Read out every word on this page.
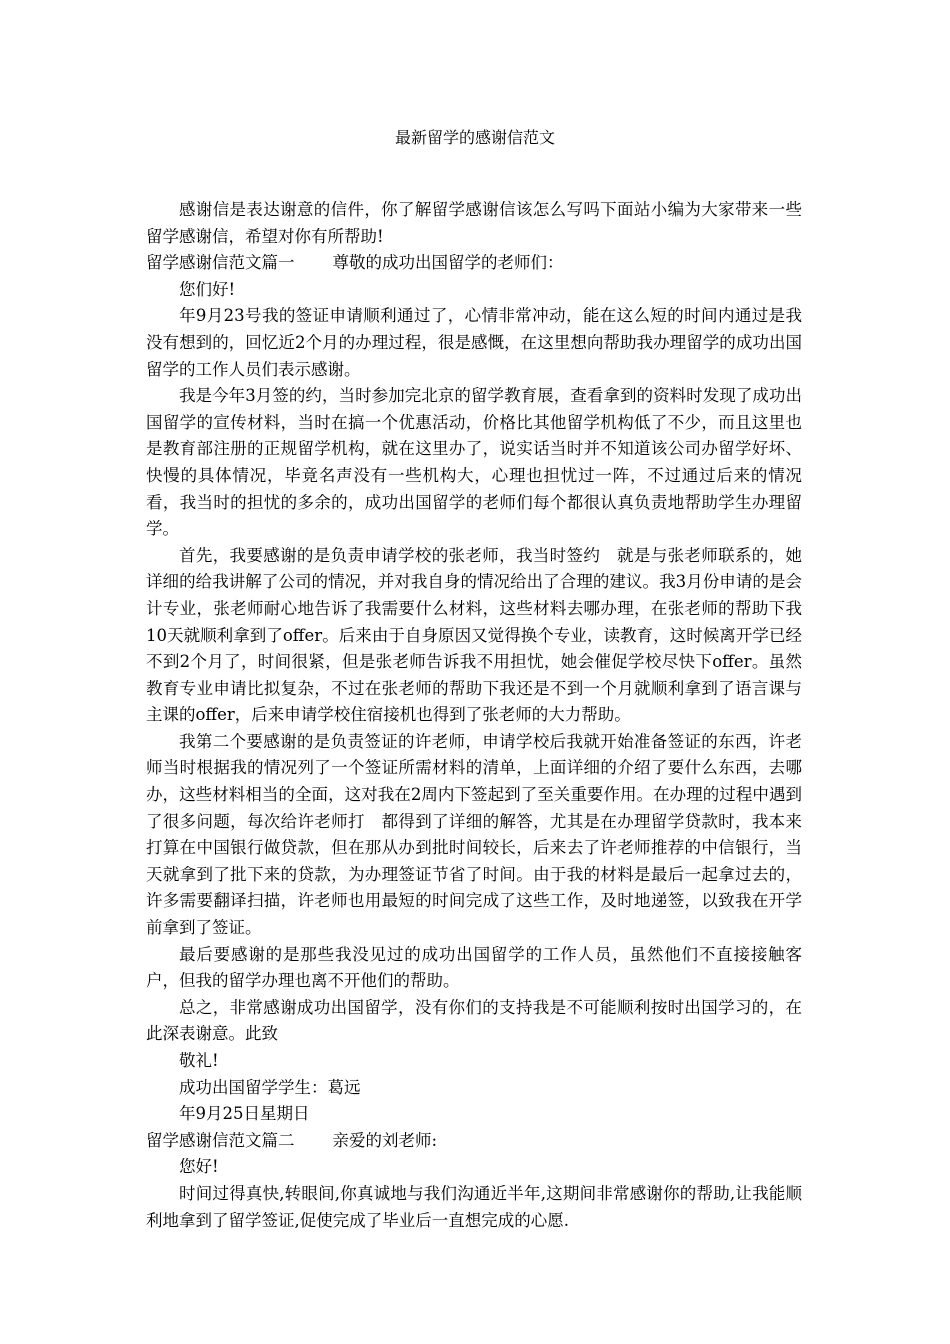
最新留学的感谢信范文

感谢信是表达谢意的信件，你了解留学感谢信该怎么写吗下面站小编为大家带来一些留学感谢信，希望对你有所帮助!

留学感谢信范文篇一 尊敬的成功出国留学的老师们：

您们好!

年9月23号我的签证申请顺利通过了，心情非常冲动，能在这么短的时间内通过是我没有想到的，回忆近2个月的办理过程，很是感慨，在这里想向帮助我办理留学的成功出国留学的工作人员们表示感谢。

我是今年3月签的约，当时参加完北京的留学教育展，查看拿到的资料时发现了成功出国留学的宣传材料，当时在搞一个优惠活动，价格比其他留学机构低了不少，而且这里也是教育部注册的正规留学机构，就在这里办了，说实话当时并不知道该公司办留学好坏、快慢的具体情况，毕竟名声没有一些机构大，心理也担忧过一阵，不过通过后来的情况看，我当时的担忧的多余的，成功出国留学的老师们每个都很认真负责地帮助学生办理留学。

首先，我要感谢的是负责申请学校的张老师，我当时签约　就是与张老师联系的，她详细的给我讲解了公司的情况，并对我自身的情况给出了合理的建议。我3月份申请的是会计专业，张老师耐心地告诉了我需要什么材料，这些材料去哪办理，在张老师的帮助下我10天就顺利拿到了offer。后来由于自身原因又觉得换个专业，读教育，这时候离开学已经不到2个月了，时间很紧，但是张老师告诉我不用担忧，她会催促学校尽快下offer。虽然教育专业申请比拟复杂，不过在张老师的帮助下我还是不到一个月就顺利拿到了语言课与主课的offer，后来申请学校住宿接机也得到了张老师的大力帮助。

我第二个要感谢的是负责签证的许老师，申请学校后我就开始准备签证的东西，许老师当时根据我的情况列了一个签证所需材料的清单，上面详细的介绍了要什么东西，去哪办，这些材料相当的全面，这对我在2周内下签起到了至关重要作用。在办理的过程中遇到了很多问题，每次给许老师打　都得到了详细的解答，尤其是在办理留学贷款时，我本来打算在中国银行做贷款，但在那从办到批时间较长，后来去了许老师推荐的中信银行，当天就拿到了批下来的贷款，为办理签证节省了时间。由于我的材料是最后一起拿过去的，许多需要翻译扫描，许老师也用最短的时间完成了这些工作，及时地递签，以致我在开学前拿到了签证。

最后要感谢的是那些我没见过的成功出国留学的工作人员，虽然他们不直接接触客户，但我的留学办理也离不开他们的帮助。

总之，非常感谢成功出国留学，没有你们的支持我是不可能顺利按时出国学习的，在此深表谢意。此致

敬礼!

成功出国留学学生：葛远

年9月25日星期日

留学感谢信范文篇二 亲爱的刘老师:

您好!

时间过得真快,转眼间,你真诚地与我们沟通近半年,这期间非常感谢你的帮助,让我能顺利地拿到了留学签证,促使完成了毕业后一直想完成的心愿.
